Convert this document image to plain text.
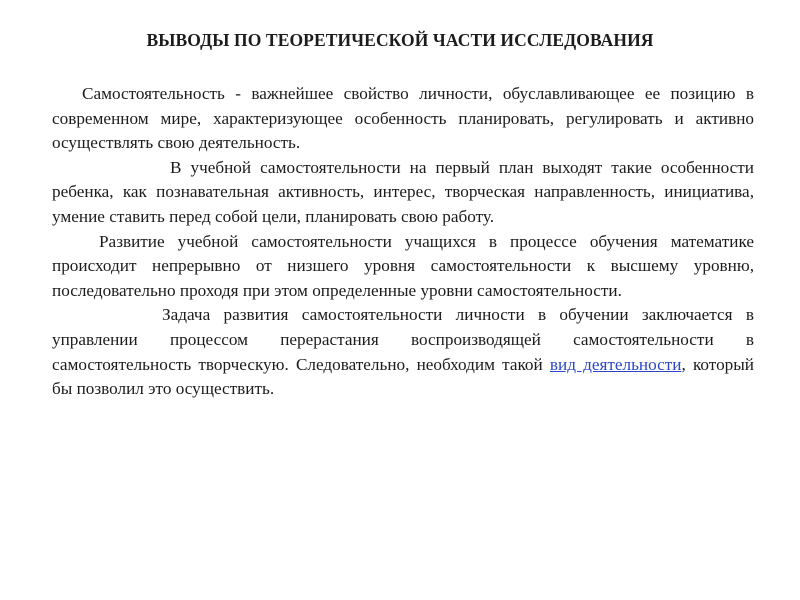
ВЫВОДЫ ПО ТЕОРЕТИЧЕСКОЙ ЧАСТИ ИССЛЕДОВАНИЯ

Самостоятельность - важнейшее свойство личности, обуславливающее ее позицию в современном мире, характеризующее особенность планировать, регулировать и активно осуществлять свою деятельность.

В учебной самостоятельности на первый план выходят такие особенности ребенка, как познавательная активность, интерес, творческая направленность, инициатива, умение ставить перед собой цели, планировать свою работу.

Развитие учебной самостоятельности учащихся в процессе обучения математике происходит непрерывно от низшего уровня самостоятельности к высшему уровню, последовательно проходя при этом определенные уровни самостоятельности.

Задача развития самостоятельности личности в обучении заключается в управлении процессом перерастания воспроизводящей самостоятельности в самостоятельность творческую. Следовательно, необходим такой вид деятельности, который бы позволил это осуществить.
